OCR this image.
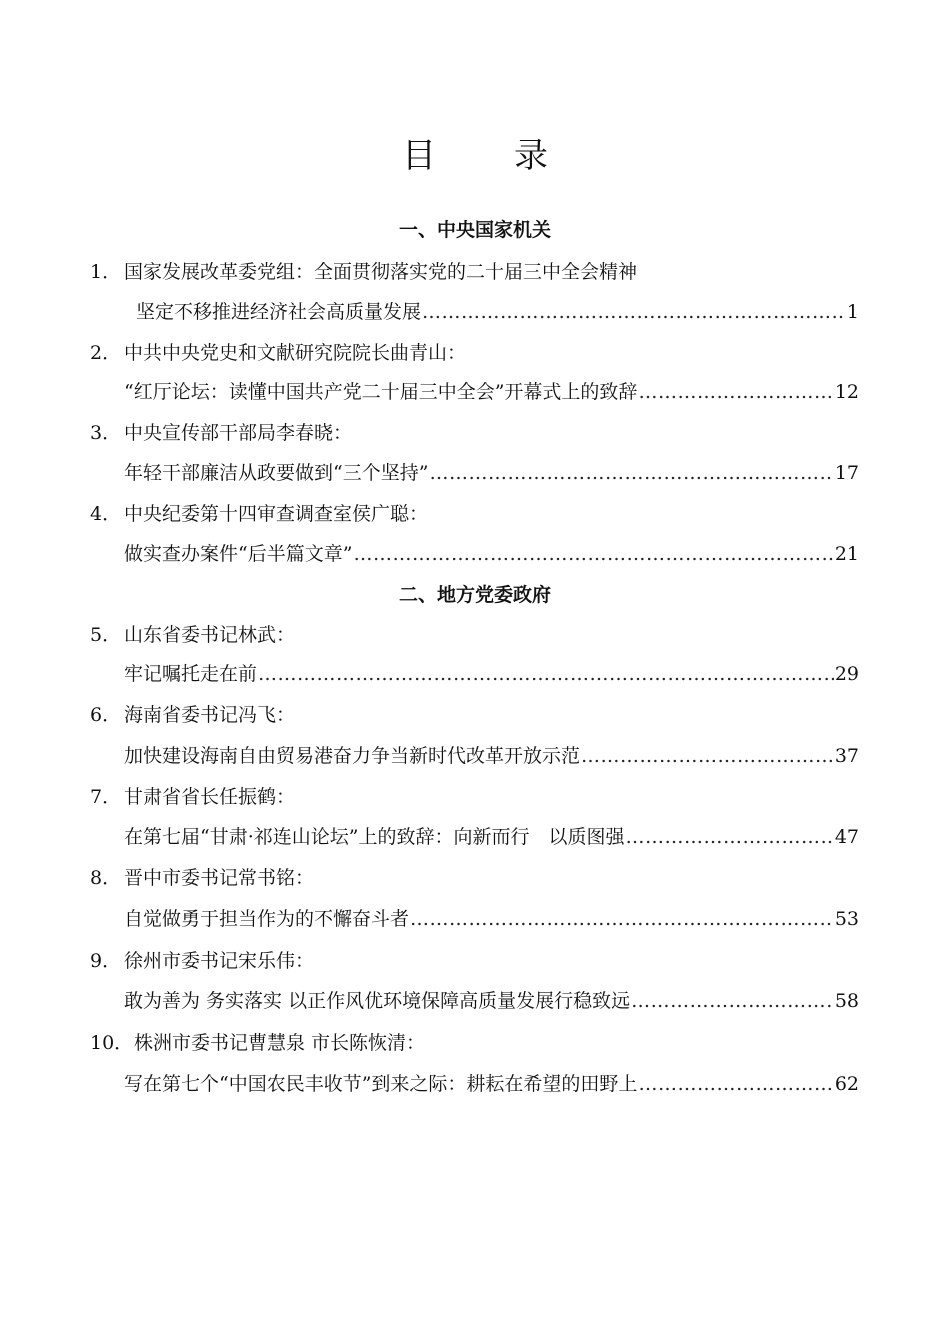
目　录
一、中央国家机关
1． 国家发展改革委党组：全面贯彻落实党的二十届三中全会精神
坚定不移推进经济社会高质量发展 ……………………………………………………………………………………………………………………………………………………………………	1
2． 中共中央党史和文献研究院院长曲青山：
“红厅论坛：读懂中国共产党二十届三中全会”开幕式上的致辞 ……………………………………………………………………………………………………………………………………………………………………	12
3． 中央宣传部干部局李春晓：
年轻干部廉洁从政要做到“三个坚持” ……………………………………………………………………………………………………………………………………………………………………	17
4． 中央纪委第十四审查调查室侯广聪：
做实查办案件“后半篇文章” ……………………………………………………………………………………………………………………………………………………………………	21
二、地方党委政府
5． 山东省委书记林武：
牢记嘱托走在前 ……………………………………………………………………………………………………………………………………………………………………	29
6． 海南省委书记冯飞：
加快建设海南自由贸易港奋力争当新时代改革开放示范 ……………………………………………………………………………………………………………………………………………………………………	37
7． 甘肃省省长任振鹤：
在第七届“甘肃·祁连山论坛”上的致辞：向新而行　以质图强 ……………………………………………………………………………………………………………………………………………………………………	47
8． 晋中市委书记常书铭：
自觉做勇于担当作为的不懈奋斗者 ……………………………………………………………………………………………………………………………………………………………………	53
9． 徐州市委书记宋乐伟：
敢为善为 务实落实 以正作风优环境保障高质量发展行稳致远 ……………………………………………………………………………………………………………………………………………………………………	58
10．株洲市委书记曹慧泉 市长陈恢清：
写在第七个“中国农民丰收节”到来之际：耕耘在希望的田野上 ……………………………………………………………………………………………………………………………………………………………………	62
